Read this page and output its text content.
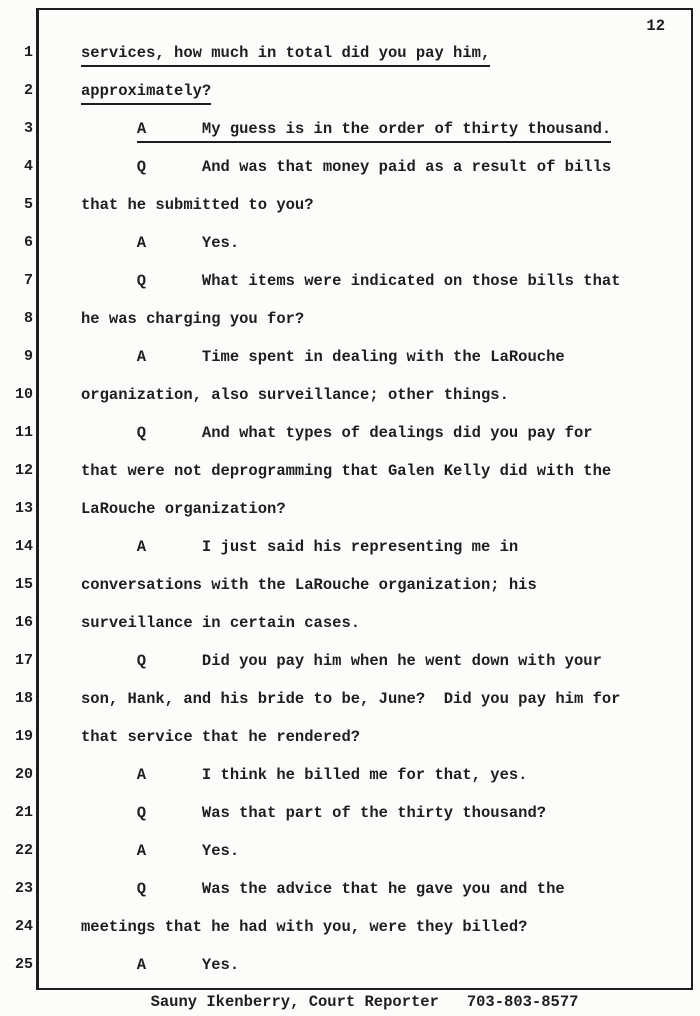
1
2
3
4
5
6
7
8
9
10
11
12
13
14
15
16
17
18
19
20
21
22
23
24
25
12
services, how much in total did you pay him,
approximately?
A      My guess is in the order of thirty thousand.
Q      And was that money paid as a result of bills
that he submitted to you?
A      Yes.
Q      What items were indicated on those bills that
he was charging you for?
A      Time spent in dealing with the LaRouche
organization, also surveillance; other things.
Q      And what types of dealings did you pay for
that were not deprogramming that Galen Kelly did with the
LaRouche organization?
A      I just said his representing me in
conversations with the LaRouche organization; his
surveillance in certain cases.
Q      Did you pay him when he went down with your
son, Hank, and his bride to be, June?  Did you pay him for
that service that he rendered?
A      I think he billed me for that, yes.
Q      Was that part of the thirty thousand?
A      Yes.
Q      Was the advice that he gave you and the
meetings that he had with you, were they billed?
A      Yes.
Sauny Ikenberry, Court Reporter   703-803-8577
